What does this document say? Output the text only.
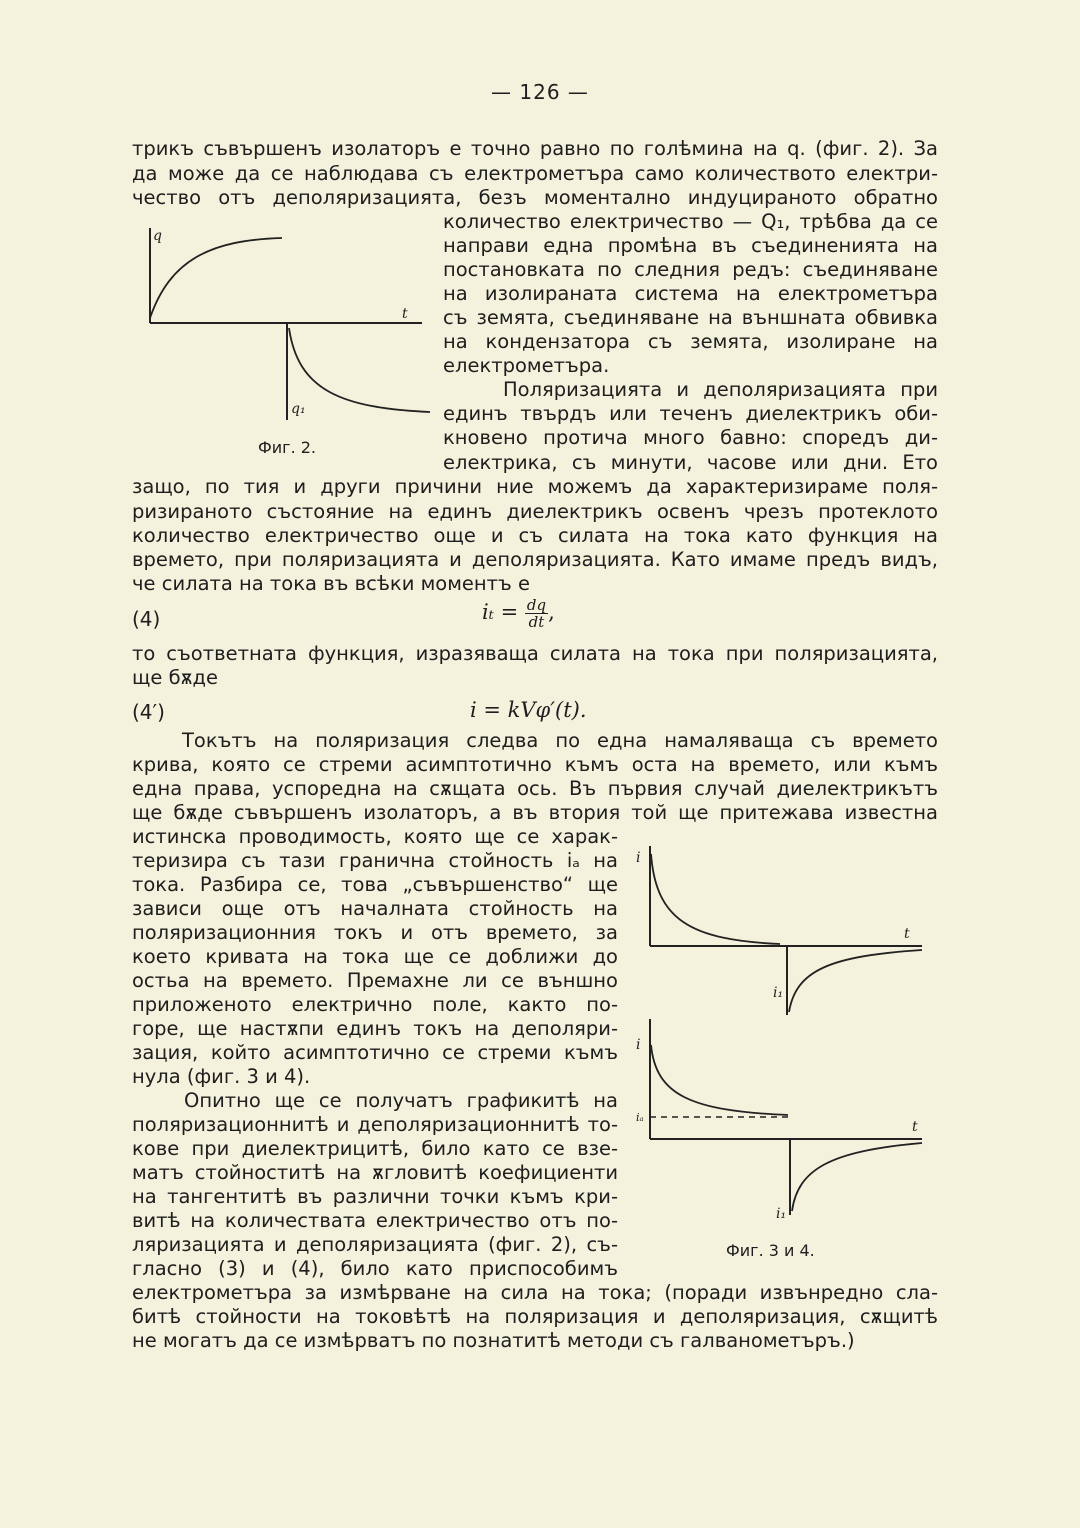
— 126 —
трикъ съвършенъ изолаторъ е точно равно по голѣмина на q. (фиг. 2). За
да може да се наблюдава съ електрометъра само количеството електри-
чество отъ деполяризацията, безъ моментално индуцираното обратно
количество електричество — Q₁, трѣбва да се
направи една промѣна въ съединенията на
постановката по следния редъ: съединяване
на изолираната система на електрометъра
съ земята, съединяване на външната обвивка
на кондензатора съ земята, изолиране на
електрометъра.
Поляризацията и деполяризацията при
единъ твърдъ или теченъ диелектрикъ оби-
кновено протича много бавно: споредъ ди-
електрика, съ минути, часове или дни. Ето
защо, по тия и други причини ние можемъ да характеризираме поля-
ризираното състояние на единъ диелектрикъ освенъ чрезъ протеклото
количество електричество още и съ силата на тока като функция на
времето, при поляризацията и деполяризацията. Като имаме предъ видъ,
че силата на тока въ всѣки моментъ е
(4)	$i_t = \frac{dq}{dt}$ ,
то съответната функция, изразяваща силата на тока при поляризацията,
ще бѫде
(4′)	i = kVφ′(t).
Токътъ на поляризация следва по една намаляваща съ времето
крива, която се стреми асимптотично къмъ оста на времето, или къмъ
една права, успоредна на сѫщата ось. Въ първия случай диелектрикътъ
ще бѫде съвършенъ изолаторъ, а въ втория той ще притежава известна
истинска проводимость, която ще се харак-
теризира съ тази гранична стойность iₐ на
тока. Разбира се, това „съвършенство“ ще
зависи още отъ началната стойность на
поляризационния токъ и отъ времето, за
което кривата на тока ще се доближи до
остьа на времето. Премахне ли се външно
приложеното електрично поле, както по-
горе, ще настѫпи единъ токъ на деполяри-
зация, който асимптотично се стреми къмъ
нула (фиг. 3 и 4).
Опитно ще се получатъ графикитѣ на
поляризационнитѣ и деполяризационнитѣ то-
кове при диелектрицитѣ, било като се взе-
матъ стойноститѣ на ѫгловитѣ коефициенти
на тангентитѣ въ различни точки къмъ кри-
витѣ на количествата електричество отъ по-
ляризацията и деполяризацията (фиг. 2), съ-
гласно (3) и (4), било като приспособимъ
електрометъра за измѣрване на сила на тока; (поради извънредно сла-
битѣ стойности на токовѣтѣ на поляризация и деполяризация, сѫщитѣ
не могатъ да се измѣрватъ по познатитѣ методи съ галванометъръ.)
q
t
q₁
Фиг. 2.
i
t
i₁
i
t
iₐ
i₁
Фиг. 3 и 4.
